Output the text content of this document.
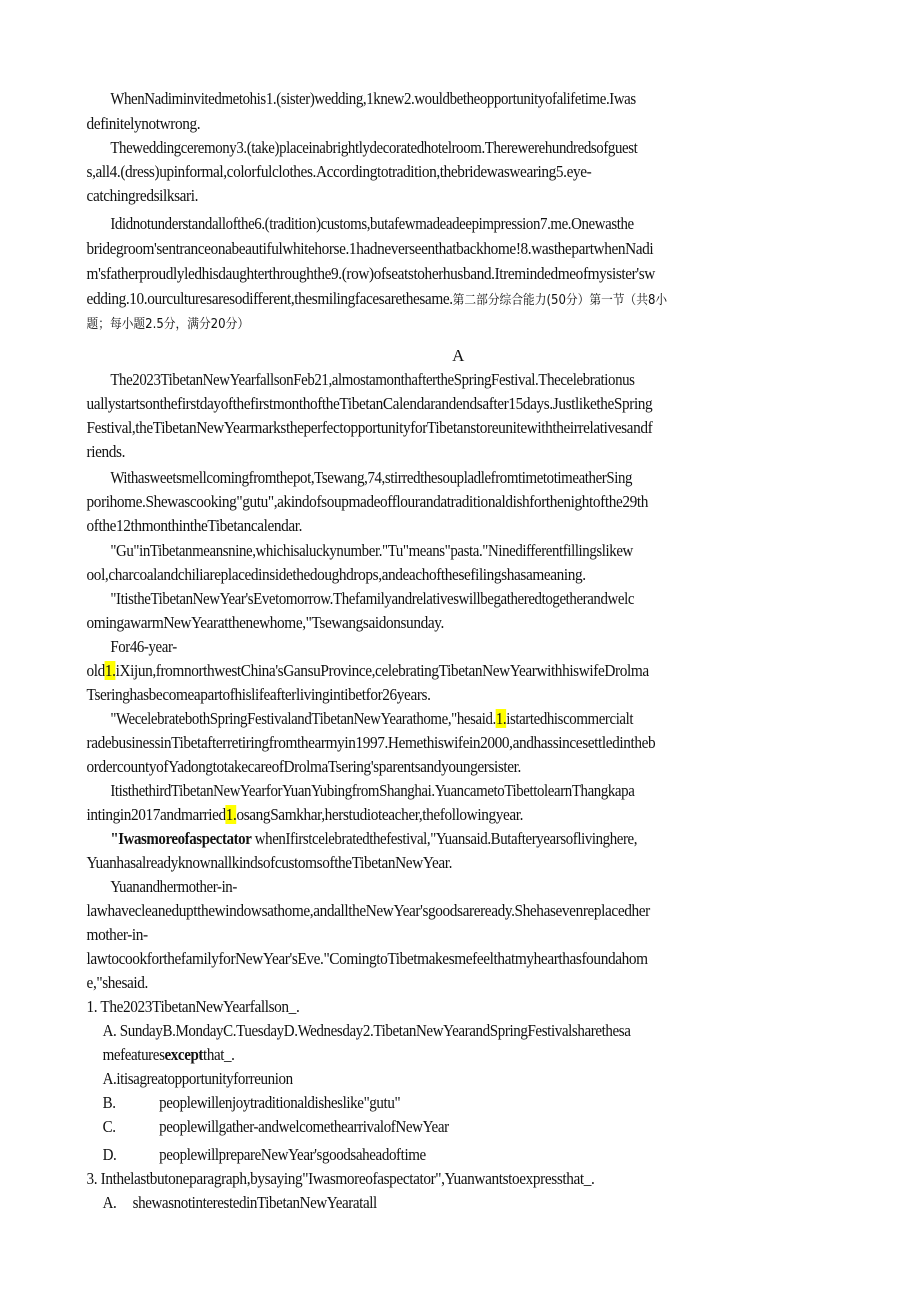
WhenNadiminvitedmetohis1.(sister)wedding,1knew2.wouldbetheopportunityofalifetime.Iwas
definitelynotwrong.
Theweddingceremony3.(take)placeinabrightlydecoratedhotelroom.Therewerehundredsofguest
s,all4.(dress)upinformal,colorfulclothes.Accordingtotradition,thebridewaswearing5.eye-
catchingredsilksari.
Ididnotunderstandallofthe6.(tradition)customs,butafewmadeadeepimpression7.me.Onewasthe
bridegroom'sentranceonabeautifulwhitehorse.1hadneverseenthatbackhome!8.wasthepartwhenNadi
m'sfatherproudlyledhisdaughterthroughthe9.(row)ofseatstoherhusband.Itremindedmeofmysister'sw
edding.10.ourculturesaresodifferent,thesmilingfacesarethesame.第二部分综合能力(50分）第一节（共8小
题；每小题2.5分，满分20分）
A
The2023TibetanNewYearfallsonFeb21,almostamonthaftertheSpringFestival.Thecelebrationus
uallystartsonthefirstdayofthefirstmonthoftheTibetanCalendarandendsafter15days.JustliketheSpring
Festival,theTibetanNewYearmarkstheperfectopportunityforTibetanstoreunitewiththeirrelativesandf
riends.
Withasweetsmellcomingfromthepot,Tsewang,74,stirredthesoupladlefromtimetotimeatherSing
porihome.Shewascooking"gutu",akindofsoupmadeofflourandatraditionaldishforthenightofthe29th
ofthe12thmonthintheTibetancalendar.
"Gu"inTibetanmeansnine,whichisaluckynumber."Tu"means"pasta."Ninedifferentfillingslikew
ool,charcoalandchiliareplacedinsidethedoughdrops,andeachofthesefilingshasameaning.
"ItistheTibetanNewYear'sEvetomorrow.Thefamilyandrelativeswillbegatheredtogetherandwelc
omingawarmNewYearatthenewhome,"Tsewangsaidonsunday.
For46-year-
old1.iXijun,fromnorthwestChina'sGansuProvince,celebratingTibetanNewYearwithhiswifeDrolma
Tseringhasbecomeapartofhislifeafterlivingintibetfor26years.
"WecelebratebothSpringFestivalandTibetanNewYearathome,"hesaid.1.istartedhiscommercialt
radebusinessinTibetafterretiringfromthearmyin1997.Hemethiswifein2000,andhassincesettledintheb
ordercountyofYadongtotakecareofDrolmaTsering'sparentsandyoungersister.
ItisthethirdTibetanNewYearforYuanYubingfromShanghai.YuancametoTibettolearnThangkapa
intingin2017andmarried1.osangSamkhar,herstudioteacher,thefollowingyear.
"Iwasmoreofaspectator whenIfirstcelebratedthefestival,"Yuansaid.Butafteryearsoflivinghere,
YuanhasalreadyknownallkindsofcustomsoftheTibetanNewYear.
Yuanandhermother-in-
lawhavecleaneduptthewindowsathome,andalltheNewYear'sgoodsareready.Shehasevenreplacedher
mother-in-
lawtocookforthefamilyforNewYear'sEve."ComingtoTibetmakesmefeelthatmyhearthasfoundahom
e,"shesaid.
1. The2023TibetanNewYearfallson_.
A. SundayB.MondayC.TuesdayD.Wednesday2.TibetanNewYearandSpringFestivalsharethesa
mefeaturesexceptthat_.
A.itisagreatopportunityforreunion
B.	peoplewillenjoytraditionaldisheslike"gutu"
C.	peoplewillgather-andwelcomethearrivalofNewYear
D.	peoplewillprepareNewYear'sgoodsaheadoftime
3. Inthelastbutoneparagraph,bysaying"Iwasmoreofaspectator",Yuanwantstoexpressthat_.
A. shewasnotinterestedinTibetanNewYearatall
